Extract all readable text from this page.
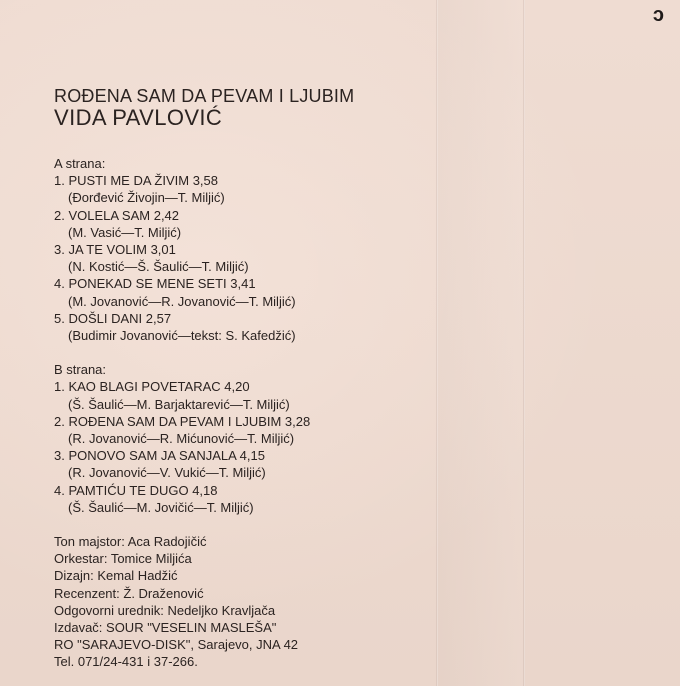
ɔ
ROĐENA SAM DA PEVAM I LJUBIM
VIDA PAVLOVIĆ
A strana:
1. PUSTI ME DA ŽIVIM 3,58
(Đorđević Živojin—T. Miljić)
2. VOLELA SAM 2,42
(M. Vasić—T. Miljić)
3. JA TE VOLIM 3,01
(N. Kostić—Š. Šaulić—T. Miljić)
4. PONEKAD SE MENE SETI 3,41
(M. Jovanović—R. Jovanović—T. Miljić)
5. DOŠLI DANI 2,57
(Budimir Jovanović—tekst: S. Kafedžić)
B strana:
1. KAO BLAGI POVETARAC 4,20
(Š. Šaulić—M. Barjaktarević—T. Miljić)
2. ROĐENA SAM DA PEVAM I LJUBIM 3,28
(R. Jovanović—R. Mićunović—T. Miljić)
3. PONOVO SAM JA SANJALA 4,15
(R. Jovanović—V. Vukić—T. Miljić)
4. PAMTIĆU TE DUGO 4,18
(Š. Šaulić—M. Jovičić—T. Miljić)
Ton majstor: Aca Radojičić
Orkestar: Tomice Miljića
Dizajn: Kemal Hadžić
Recenzent: Ž. Draženović
Odgovorni urednik: Nedeljko Kravljača
Izdavač: SOUR "VESELIN MASLEŠA"
RO "SARAJEVO-DISK", Sarajevo, JNA 42
Tel. 071/24-431 i 37-266.
